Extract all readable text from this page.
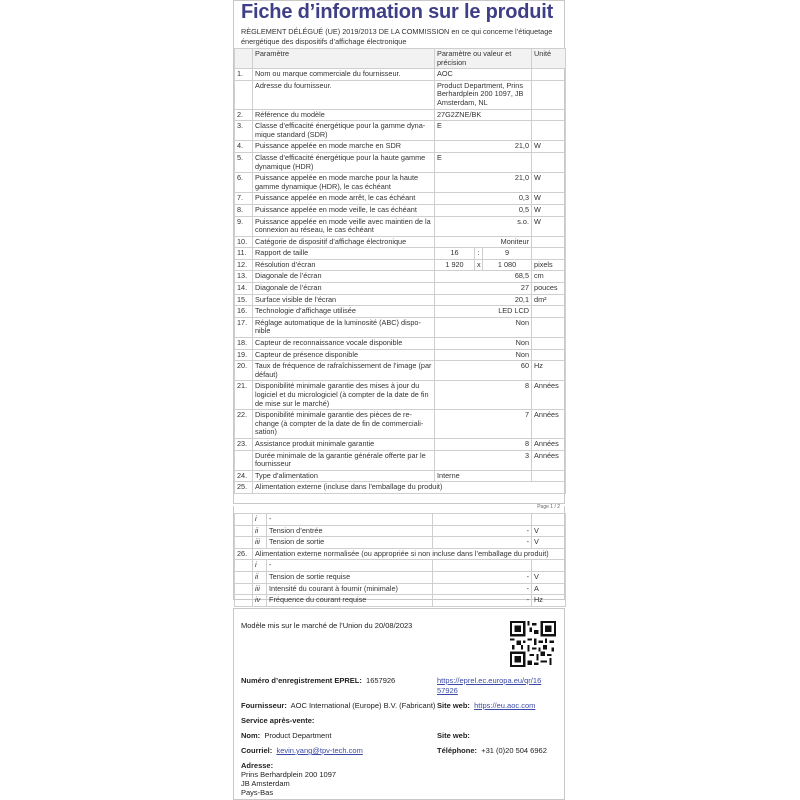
Fiche d’information sur le produit
RÈGLEMENT DÉLÉGUÉ (UE) 2019/2013 DE LA COMMISSION en ce qui concerne l’étiquetage énergétique des dispositifs d’affichage électronique
	Paramètre	Paramètre ou valeur et précision			Unité
1.	Nom ou marque commerciale du fournisseur.	AOC			
	Adresse du fournisseur.	Product Department, Prins Berhardplein 200 1097, JB Amsterdam, NL			
2.	Référence du modèle	27G2ZNE/BK			
3.	Classe d’efficacité énergétique pour la gamme dyna-mique standard (SDR)	E			
4.	Puissance appelée en mode marche en SDR	21,0			W
5.	Classe d’efficacité énergétique pour la haute gamme dynamique (HDR)	E			
6.	Puissance appelée en mode marche pour la haute gamme dynamique (HDR), le cas échéant	21,0			W
7.	Puissance appelée en mode arrêt, le cas échéant	0,3			W
8.	Puissance appelée en mode veille, le cas échéant	0,5			W
9.	Puissance appelée en mode veille avec maintien de la connexion au réseau, le cas échéant	s.o.			W
10.	Catégorie de dispositif d’affichage électronique	Moniteur			
11.	Rapport de taille	16	:	9	
12.	Résolution d’écran	1 920	x	1 080	pixels
13.	Diagonale de l’écran	68,5			cm
14.	Diagonale de l’écran	27			pouces
15.	Surface visible de l’écran	20,1			dm²
16.	Technologie d’affichage utilisée	LED LCD			
17.	Réglage automatique de la luminosité (ABC) dispo-nible	Non			
18.	Capteur de reconnaissance vocale disponible	Non			
19.	Capteur de présence disponible	Non			
20.	Taux de fréquence de rafraîchissement de l’image (par défaut)	60			Hz
21.	Disponibilité minimale garantie des mises à jour du logiciel et du micrologiciel (à compter de la date de fin de mise sur le marché)	8			Années
22.	Disponibilité minimale garantie des pièces de re-change (à compter de la date de fin de commerciali-sation)	7			Années
23.	Assistance produit minimale garantie	8			Années
	Durée minimale de la garantie générale offerte par le fournisseur	3			Années
24.	Type d’alimentation	Interne			
25.	Alimentation externe (incluse dans l’emballage du produit)				
Page 1 / 2
	i	-		
	ii	Tension d’entrée	-	V
	iii	Tension de sortie	-	V
26.	Alimentation externe normalisée (ou appropriée si non incluse dans l’emballage du produit)			
	i	-		
	ii	Tension de sortie requise	-	V
	iii	Intensité du courant à fournir (minimale)	-	A
	iv	Fréquence du courant requise	-	Hz
Modèle mis sur le marché de l’Union du 20/08/2023
Numéro d’enregistrement EPREL: 1657926	https://eprel.ec.europa.eu/qr/16
57926
Fournisseur: AOC International (Europe) B.V. (Fabricant) Site web: https://eu.aoc.com
Service après-vente:
Nom: Product Department	Site web:
Courriel: kevin.yang@tpv-tech.com	Téléphone: +31 (0)20 504 6962
Adresse:
Prins Berhardplein 200 1097
JB Amsterdam
Pays-Bas
